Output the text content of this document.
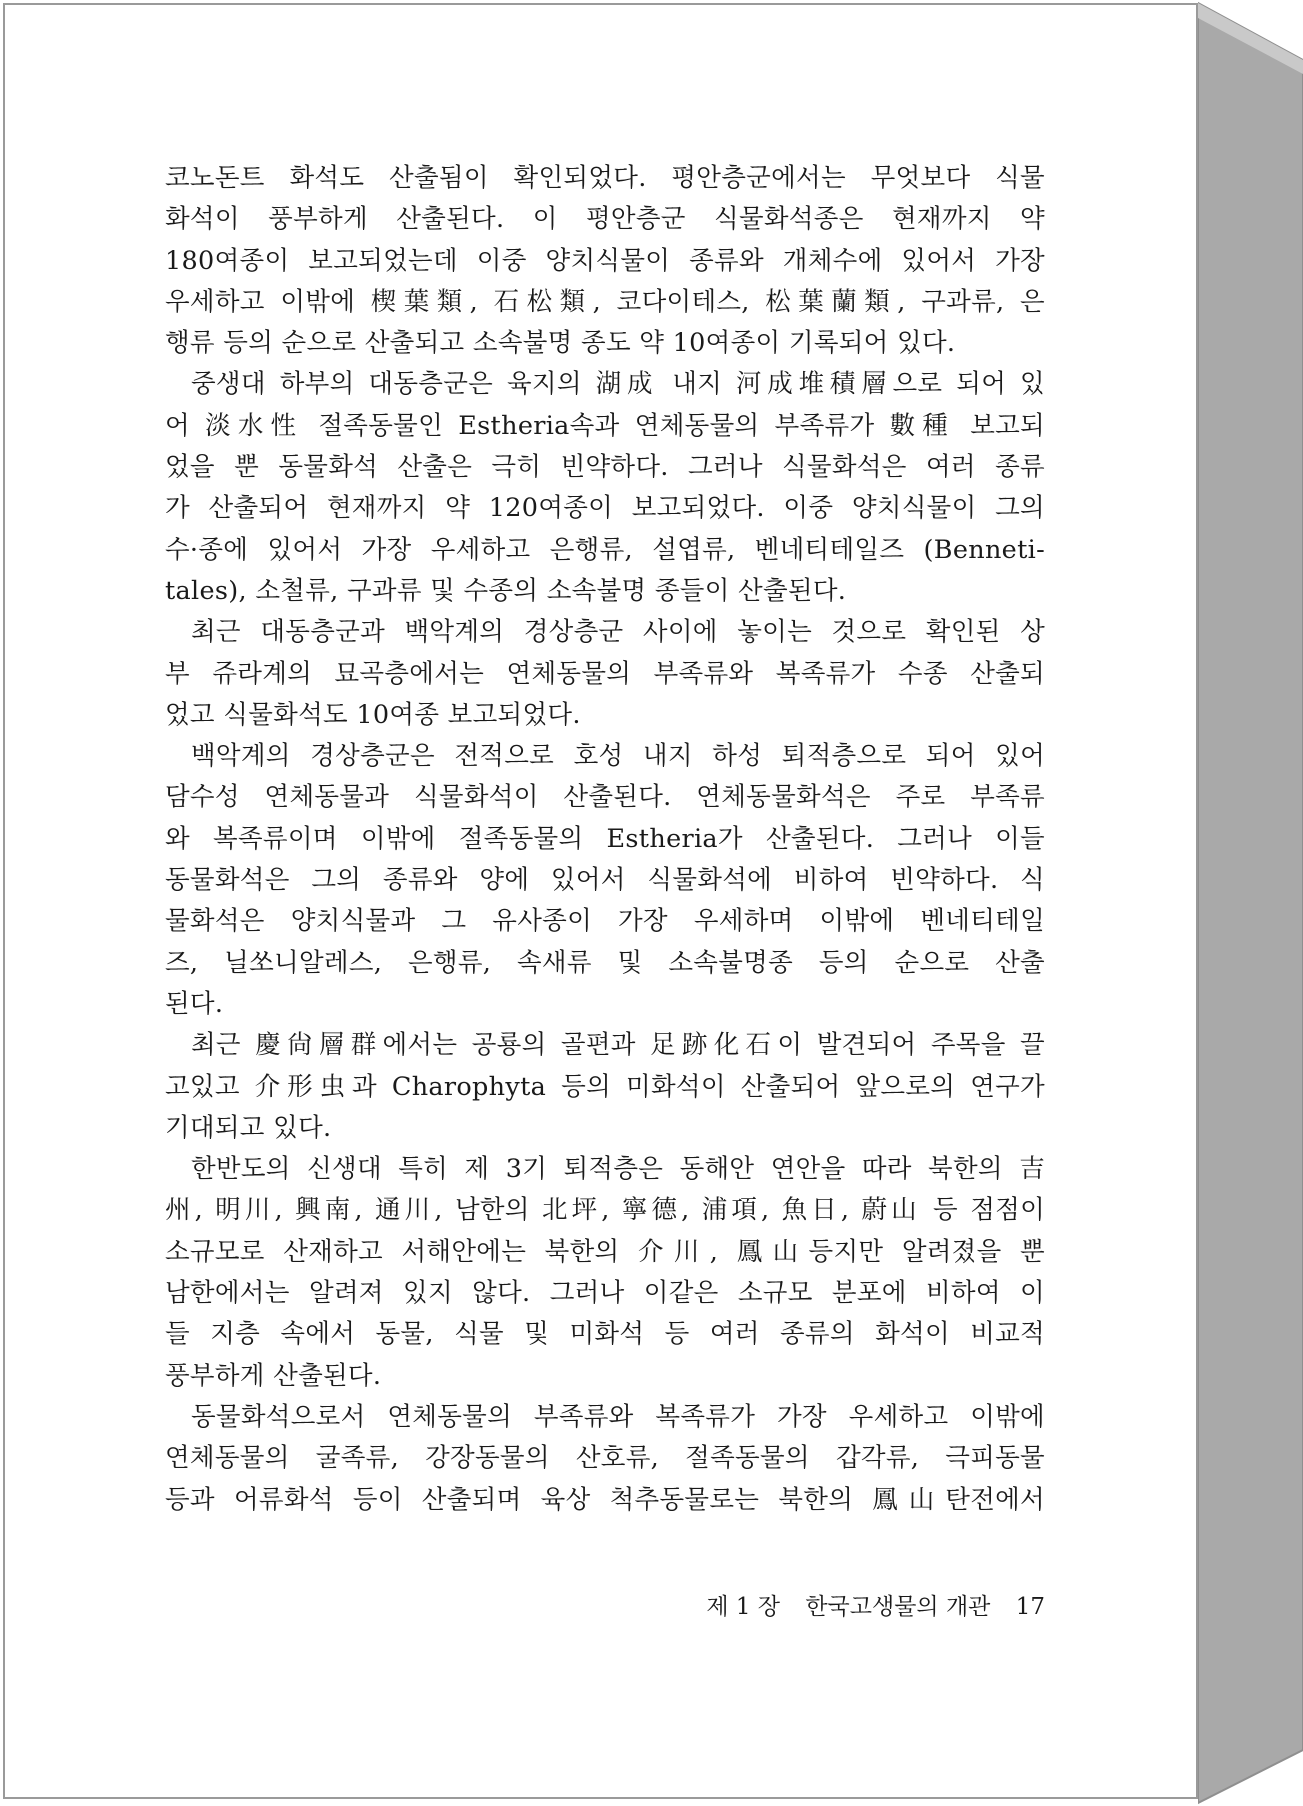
코노돈트 화석도 산출됨이 확인되었다. 평안층군에서는 무엇보다 식물
화석이 풍부하게 산출된다. 이 평안층군 식물화석종은 현재까지 약
180여종이 보고되었는데 이중 양치식물이 종류와 개체수에 있어서 가장
우세하고 이밖에 楔葉類, 石松類, 코다이테스, 松葉蘭類, 구과류, 은
행류 등의 순으로 산출되고 소속불명 종도 약 10여종이 기록되어 있다.
중생대 하부의 대동층군은 육지의 湖成 내지 河成堆積層으로 되어 있
어 淡水性 절족동물인 Estheria속과 연체동물의 부족류가 數種 보고되
었을 뿐 동물화석 산출은 극히 빈약하다. 그러나 식물화석은 여러 종류
가 산출되어 현재까지 약 120여종이 보고되었다. 이중 양치식물이 그의
수·종에 있어서 가장 우세하고 은행류, 설엽류, 벤네티테일즈 (Benneti-
tales), 소철류, 구과류 및 수종의 소속불명 종들이 산출된다.
최근 대동층군과 백악계의 경상층군 사이에 놓이는 것으로 확인된 상
부 쥬라계의 묘곡층에서는 연체동물의 부족류와 복족류가 수종 산출되
었고 식물화석도 10여종 보고되었다.
백악계의 경상층군은 전적으로 호성 내지 하성 퇴적층으로 되어 있어
담수성 연체동물과 식물화석이 산출된다. 연체동물화석은 주로 부족류
와 복족류이며 이밖에 절족동물의 Estheria가 산출된다. 그러나 이들
동물화석은 그의 종류와 양에 있어서 식물화석에 비하여 빈약하다. 식
물화석은 양치식물과 그 유사종이 가장 우세하며 이밖에 벤네티테일
즈, 닐쏘니알레스, 은행류, 속새류 및 소속불명종 등의 순으로 산출
된다.
최근 慶尙層群에서는 공룡의 골편과 足跡化石이 발견되어 주목을 끌
고있고 介形虫과 Charophyta 등의 미화석이 산출되어 앞으로의 연구가
기대되고 있다.
한반도의 신생대 특히 제 3기 퇴적층은 동해안 연안을 따라 북한의 吉
州, 明川, 興南, 通川, 남한의 北坪, 寧德, 浦項, 魚日, 蔚山 등 점점이
소규모로 산재하고 서해안에는 북한의 介川, 鳳山등지만 알려졌을 뿐
남한에서는 알려져 있지 않다. 그러나 이같은 소규모 분포에 비하여 이
들 지층 속에서 동물, 식물 및 미화석 등 여러 종류의 화석이 비교적
풍부하게 산출된다.
동물화석으로서 연체동물의 부족류와 복족류가 가장 우세하고 이밖에
연체동물의 굴족류, 강장동물의 산호류, 절족동물의 갑각류, 극피동물
등과 어류화석 등이 산출되며 육상 척추동물로는 북한의 鳳山탄전에서
제 1 장 한국고생물의 개관 17
